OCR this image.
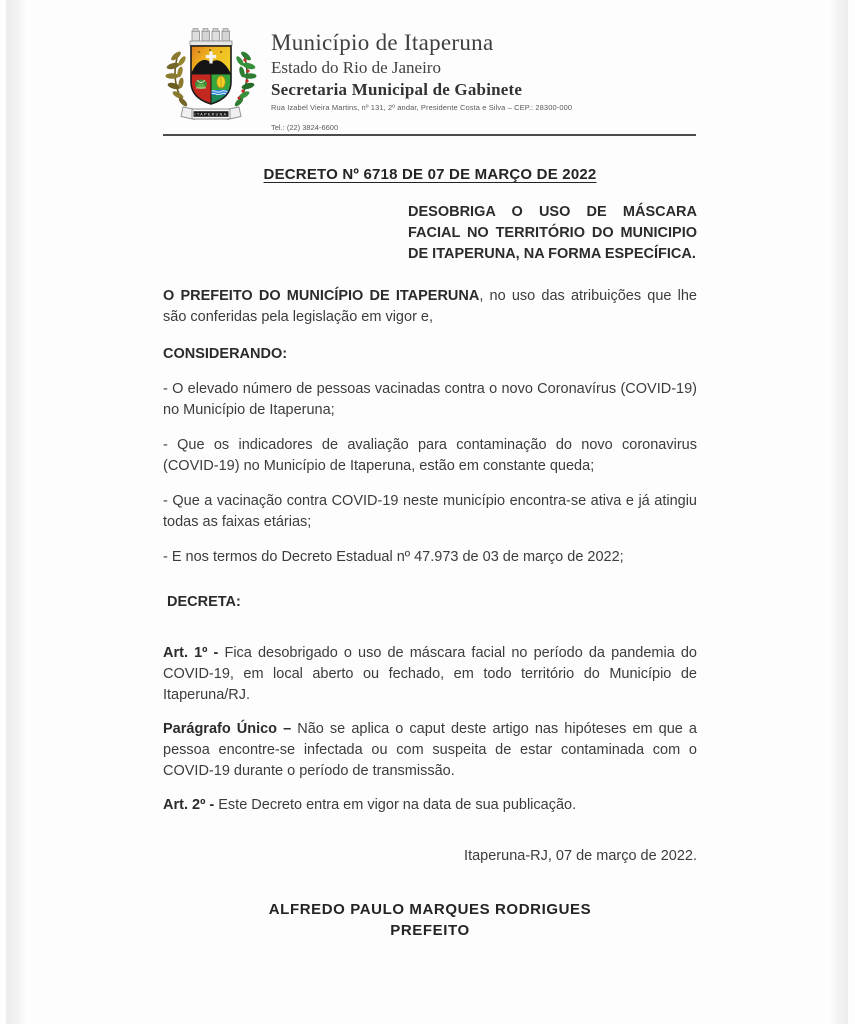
ITAPERUNA
Município de Itaperuna
Estado do Rio de Janeiro
Secretaria Municipal de Gabinete
Rua Izabel Vieira Martins, nº 131, 2º andar, Presidente Costa e Silva – CEP.: 28300-000
Tel.: (22) 3824-6600
DECRETO Nº 6718 DE 07 DE MARÇO DE 2022

DESOBRIGA O USO DE MÁSCARA FACIAL NO TERRITÓRIO DO MUNICIPIO DE ITAPERUNA, NA FORMA ESPECÍFICA.

O PREFEITO DO MUNICÍPIO DE ITAPERUNA, no uso das atribuições que lhe são conferidas pela legislação em vigor e,

CONSIDERANDO:

- O elevado número de pessoas vacinadas contra o novo Coronavírus (COVID-19) no Município de Itaperuna;

- Que os indicadores de avaliação para contaminação do novo coronavirus (COVID-19) no Município de Itaperuna, estão em constante queda;

- Que a vacinação contra COVID-19 neste município encontra-se ativa e já atingiu todas as faixas etárias;

- E nos termos do Decreto Estadual nº 47.973 de 03 de março de 2022;

DECRETA:

Art. 1º - Fica desobrigado o uso de máscara facial no período da pandemia do COVID-19, em local aberto ou fechado, em todo território do Município de Itaperuna/RJ.

Parágrafo Único – Não se aplica o caput deste artigo nas hipóteses em que a pessoa encontre-se infectada ou com suspeita de estar contaminada com o COVID-19 durante o período de transmissão.

Art. 2º - Este Decreto entra em vigor na data de sua publicação.

Itaperuna-RJ, 07 de março de 2022.

ALFREDO PAULO MARQUES RODRIGUES
PREFEITO
